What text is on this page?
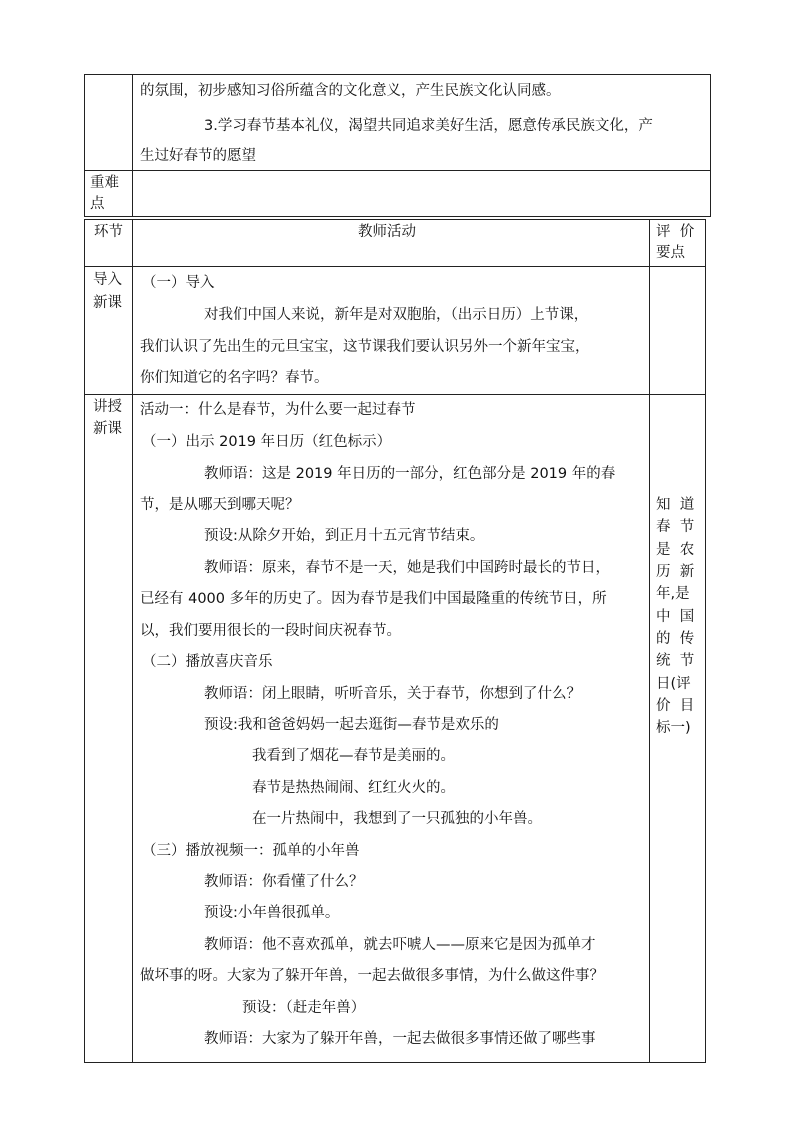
的氛围，初步感知习俗所蕴含的文化意义，产生民族文化认同感。
3.学习春节基本礼仪，渴望共同追求美好生活，愿意传承民族文化，产
生过好春节的愿望
重难
点
环节	教师活动	评  价
要点
导入
新课
（一）导入
对我们中国人来说，新年是对双胞胎，（出示日历）上节课，
我们认识了先出生的元旦宝宝，这节课我们要认识另外一个新年宝宝，
你们知道它的名字吗？春节。
讲授
新课
活动一：什么是春节，为什么要一起过春节
（一）出示 2019 年日历（红色标示）
教师语：这是 2019 年日历的一部分，红色部分是 2019 年的春
节，是从哪天到哪天呢？
预设:从除夕开始，到正月十五元宵节结束。
教师语：原来，春节不是一天，她是我们中国跨时最长的节日，
已经有 4000 多年的历史了。因为春节是我们中国最隆重的传统节日，所
以，我们要用很长的一段时间庆祝春节。
（二）播放喜庆音乐
教师语：闭上眼睛，听听音乐，关于春节，你想到了什么？
预设:我和爸爸妈妈一起去逛街—春节是欢乐的
我看到了烟花—春节是美丽的。
春节是热热闹闹、红红火火的。
在一片热闹中，我想到了一只孤独的小年兽。
（三）播放视频一：孤单的小年兽
教师语：你看懂了什么？
预设:小年兽很孤单。
教师语：他不喜欢孤单，就去吓唬人——原来它是因为孤单才
做坏事的呀。大家为了躲开年兽，一起去做很多事情，为什么做这件事？
预设：（赶走年兽）
教师语：大家为了躲开年兽，一起去做很多事情还做了哪些事
知  道
春  节
是  农
历  新
年,是
中  国
的  传
统  节
日(评
价  目
标一)
